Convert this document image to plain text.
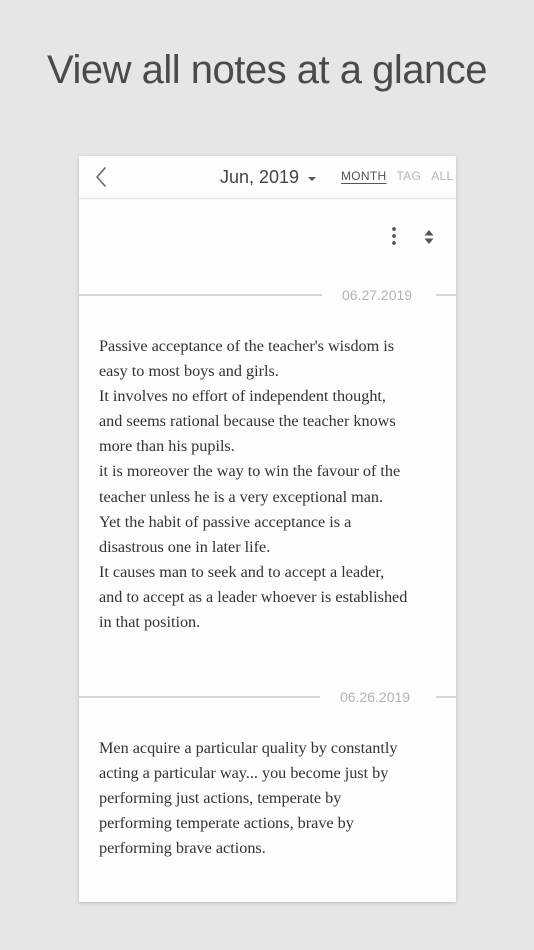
View all notes at a glance
Jun, 2019	MONTH TAG ALL
06.27.2019

Passive acceptance of the teacher's wisdom is

easy to most boys and girls.

It involves no effort of independent thought,

and seems rational because the teacher knows

more than his pupils.

it is moreover the way to win the favour of the

teacher unless he is a very exceptional man.

Yet the habit of passive acceptance is a

disastrous one in later life.

It causes man to seek and to accept a leader,

and to accept as a leader whoever is established

in that position.

06.26.2019

Men acquire a particular quality by constantly

acting a particular way... you become just by

performing just actions, temperate by

performing temperate actions, brave by

performing brave actions.
